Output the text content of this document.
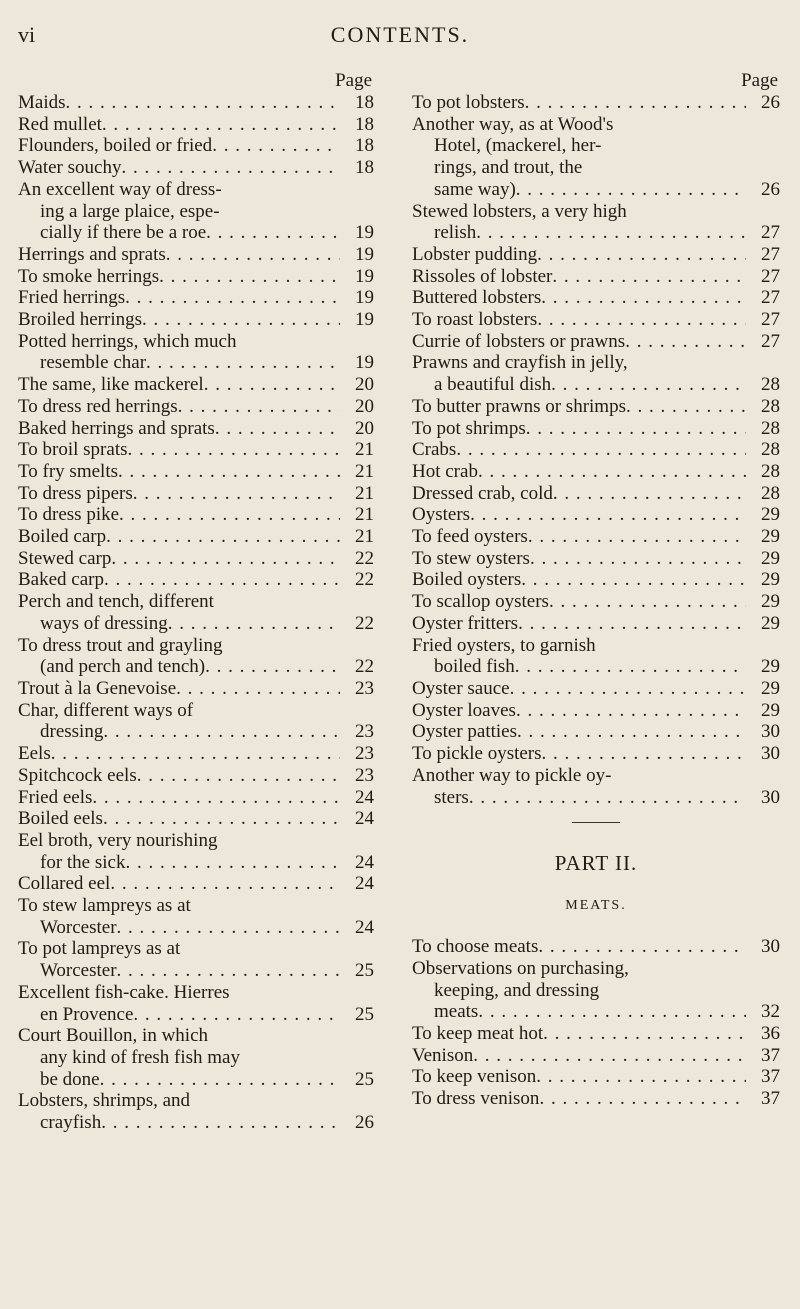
vi	CONTENTS.
Page
Maids . . .	18
Red mullet . . .	18
Flounders, boiled or fried . . .	18
Water souchy . . .	18
An excellent way of dress-
ing a large plaice, espe-
cially if there be a roe . . .	19
Herrings and sprats . . .	19
To smoke herrings . . .	19
Fried herrings . . .	19
Broiled herrings . . .	19
Potted herrings, which much
resemble char . . .	19
The same, like mackerel . . .	20
To dress red herrings . . .	20
Baked herrings and sprats . . .	20
To broil sprats . . .	21
To fry smelts . . .	21
To dress pipers . . .	21
To dress pike . . .	21
Boiled carp . . .	21
Stewed carp . . .	22
Baked carp . . .	22
Perch and tench, different
ways of dressing . . .	22
To dress trout and grayling
(and perch and tench) . . .	22
Trout à la Genevoise . . .	23
Char, different ways of
dressing . . .	23
Eels . . .	23
Spitchcock eels . . .	23
Fried eels . . .	24
Boiled eels . . .	24
Eel broth, very nourishing
for the sick . . .	24
Collared eel . . .	24
To stew lampreys as at
Worcester . . .	24
To pot lampreys as at
Worcester . . .	25
Excellent fish-cake. Hierres
en Provence . . .	25
Court Bouillon, in which
any kind of fresh fish may
be done . . .	25
Lobsters, shrimps, and
crayfish . . .	26
Page
To pot lobsters . . .	26
Another way, as at Wood's
Hotel, (mackerel, her-
rings, and trout, the
same way) . . .	26
Stewed lobsters, a very high
relish . . .	27
Lobster pudding . . .	27
Rissoles of lobster . . .	27
Buttered lobsters . . .	27
To roast lobsters . . .	27
Currie of lobsters or prawns . . .	27
Prawns and crayfish in jelly,
a beautiful dish . . .	28
To butter prawns or shrimps . . .	28
To pot shrimps . . .	28
Crabs . . .	28
Hot crab . . .	28
Dressed crab, cold . . .	28
Oysters . . .	29
To feed oysters . . .	29
To stew oysters . . .	29
Boiled oysters . . .	29
To scallop oysters . . .	29
Oyster fritters . . .	29
Fried oysters, to garnish
boiled fish . . .	29
Oyster sauce . . .	29
Oyster loaves . . .	29
Oyster patties . . .	30
To pickle oysters . . .	30
Another way to pickle oy-
sters . . .	30
PART II.
MEATS.
To choose meats . . .	30
Observations on purchasing,
keeping, and dressing
meats . . .	32
To keep meat hot . . .	36
Venison . . .	37
To keep venison . . .	37
To dress venison . . .	37
